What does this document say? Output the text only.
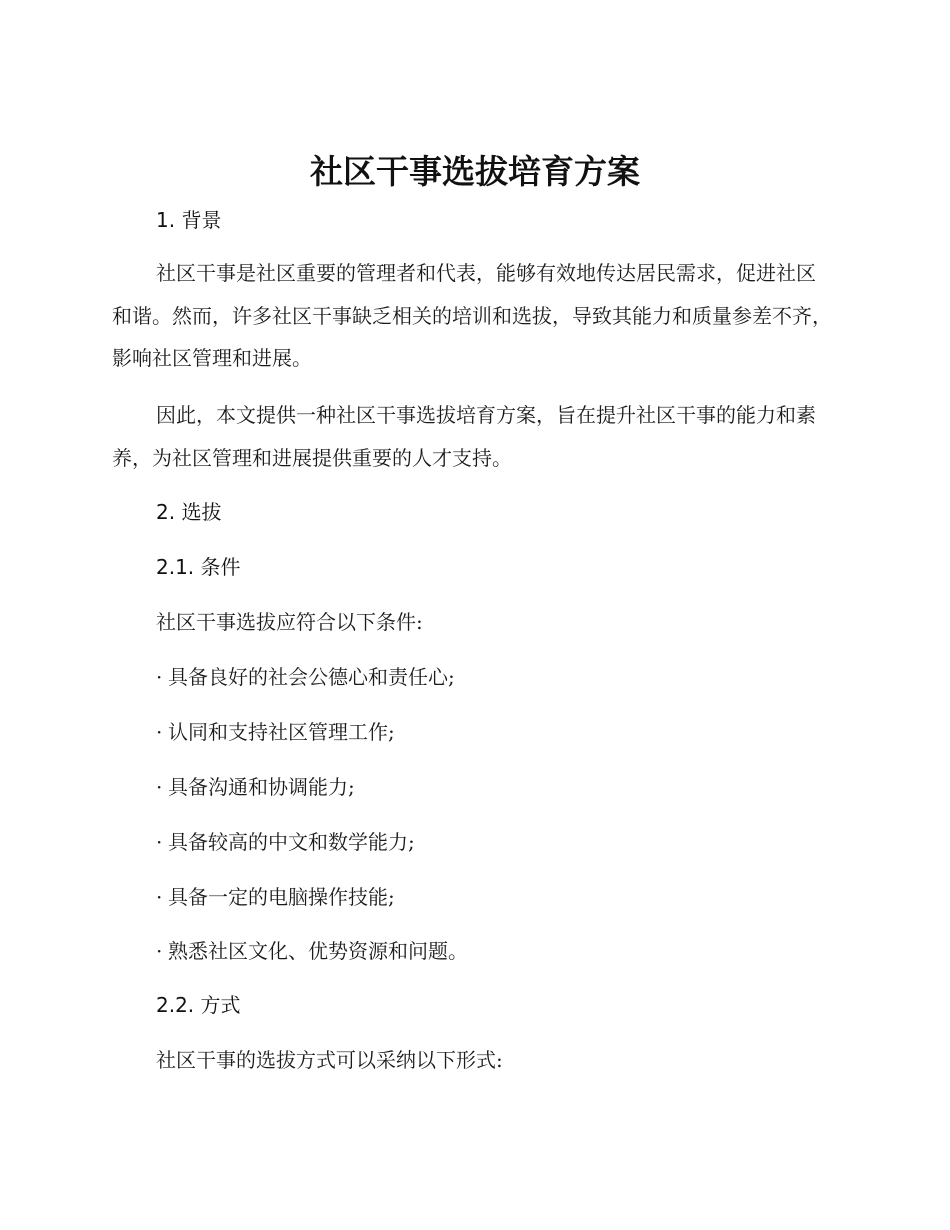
社区干事选拔培育方案
1. 背景

社区干事是社区重要的管理者和代表，能够有效地传达居民需求，促进社区和谐。然而，许多社区干事缺乏相关的培训和选拔，导致其能力和质量参差不齐，影响社区管理和进展。

因此，本文提供一种社区干事选拔培育方案，旨在提升社区干事的能力和素养，为社区管理和进展提供重要的人才支持。

2. 选拔
2.1. 条件
社区干事选拔应符合以下条件:
· 具备良好的社会公德心和责任心;
· 认同和支持社区管理工作;
· 具备沟通和协调能力;
· 具备较高的中文和数学能力;
· 具备一定的电脑操作技能;
· 熟悉社区文化、优势资源和问题。
2.2. 方式
社区干事的选拔方式可以采纳以下形式:
